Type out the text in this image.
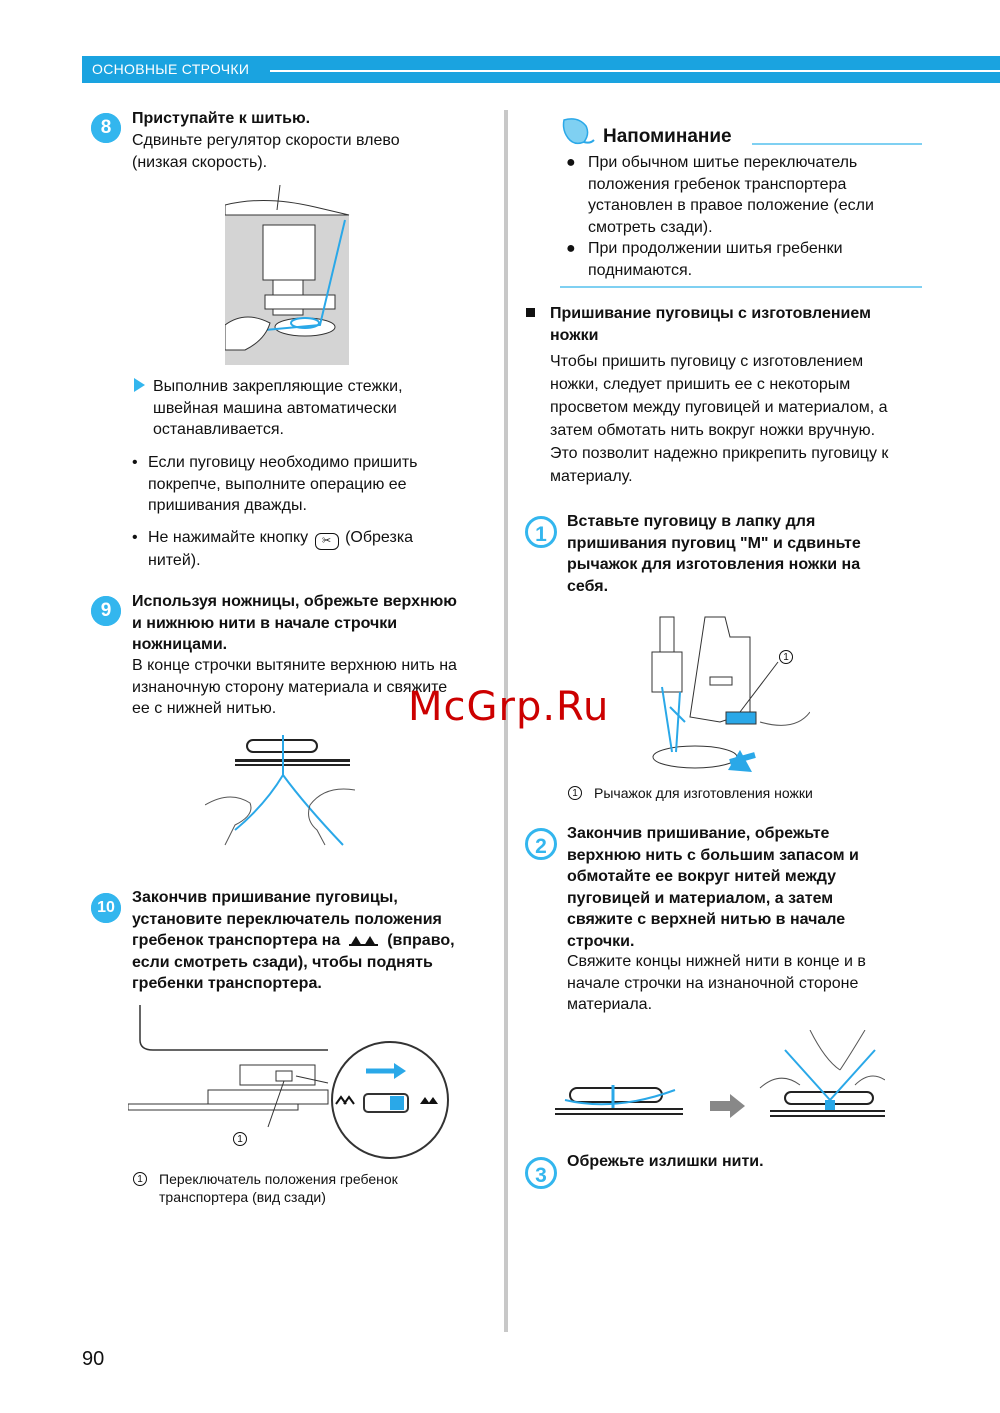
ОСНОВНЫЕ СТРОЧКИ
8	Приступайте к шитью.
Сдвиньте регулятор скорости влево
(низкая скорость).
Выполнив закрепляющие стежки,
швейная машина автоматически
останавливается.
• Если пуговицу необходимо пришить
покрепче, выполните операцию ее
пришивания дважды.
• Не нажимайте кнопку ✂ (Обрезка
нитей).
9	Используя ножницы, обрежьте верхнюю
и нижнюю нити в начале строчки
ножницами.
В конце строчки вытяните верхнюю нить на
изнаночную сторону материала и свяжите
ее с нижней нитью.
10
Закончив пришивание пуговицы,
установите переключатель положения
гребенок транспортера на	(вправо,
если смотреть сзади), чтобы поднять
гребенки транспортера.
1
1	Переключатель положения гребенок
транспортера (вид сзади)
Напоминание
● При обычном шитье переключатель
положения гребенок транспортера
установлен в правое положение (если
смотреть сзади).
● При продолжении шитья гребенки
поднимаются.
Пришивание пуговицы с изготовлением
ножки
Чтобы пришить пуговицу с изготовлением
ножки, следует пришить ее с некоторым
просветом между пуговицей и материалом, а
затем обмотать нить вокруг ножки вручную.
Это позволит надежно прикрепить пуговицу к
материалу.
1
Вставьте пуговицу в лапку для
пришивания пуговиц "M" и сдвиньте
рычажок для изготовления ножки на
себя.
1
1	Рычажок для изготовления ножки
2
Закончив пришивание, обрежьте
верхнюю нить с большим запасом и
обмотайте ее вокруг нитей между
пуговицей и материалом, а затем
свяжите с верхней нитью в начале
строчки.
Свяжите концы нижней нити в конце и в
начале строчки на изнаночной стороне
материала.
3
Обрежьте излишки нити.
McGrp.Ru
90
